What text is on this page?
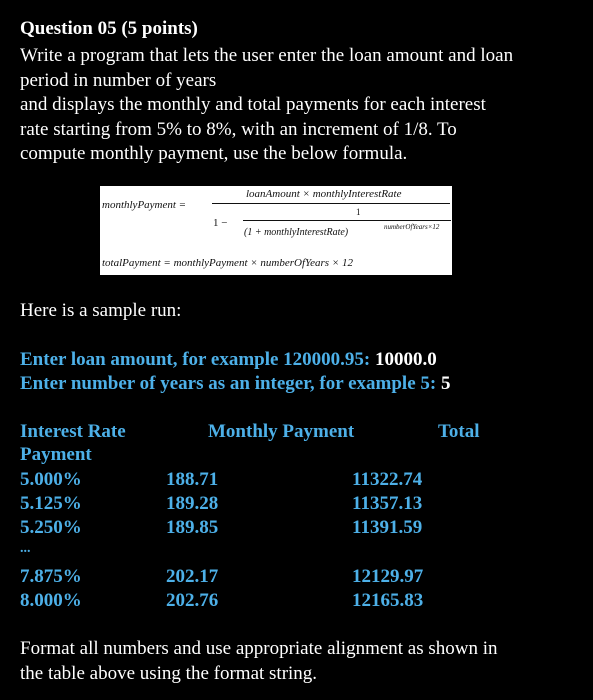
Question 05 (5 points)
Write a program that lets the user enter the loan amount and loan
period in number of years
and displays the monthly and total payments for each interest
rate starting from 5% to 8%, with an increment of 1/8. To
compute monthly payment, use the below formula.
monthlyPayment =
loanAmount × monthlyInterestRate
1 −
1
(1 + monthlyInterestRate)	numberOfYears×12
totalPayment = monthlyPayment × numberOfYears × 12
Here is a sample run:
Enter loan amount, for example 120000.95: 10000.0
Enter number of years as an integer, for example 5: 5
Interest Rate	Monthly Payment	Total
Payment
5.000%	188.71	11322.74
5.125%	189.28	11357.13
5.250%	189.85	11391.59
...
7.875%	202.17	12129.97
8.000%	202.76	12165.83
Format all numbers and use appropriate alignment as shown in
the table above using the format string.
